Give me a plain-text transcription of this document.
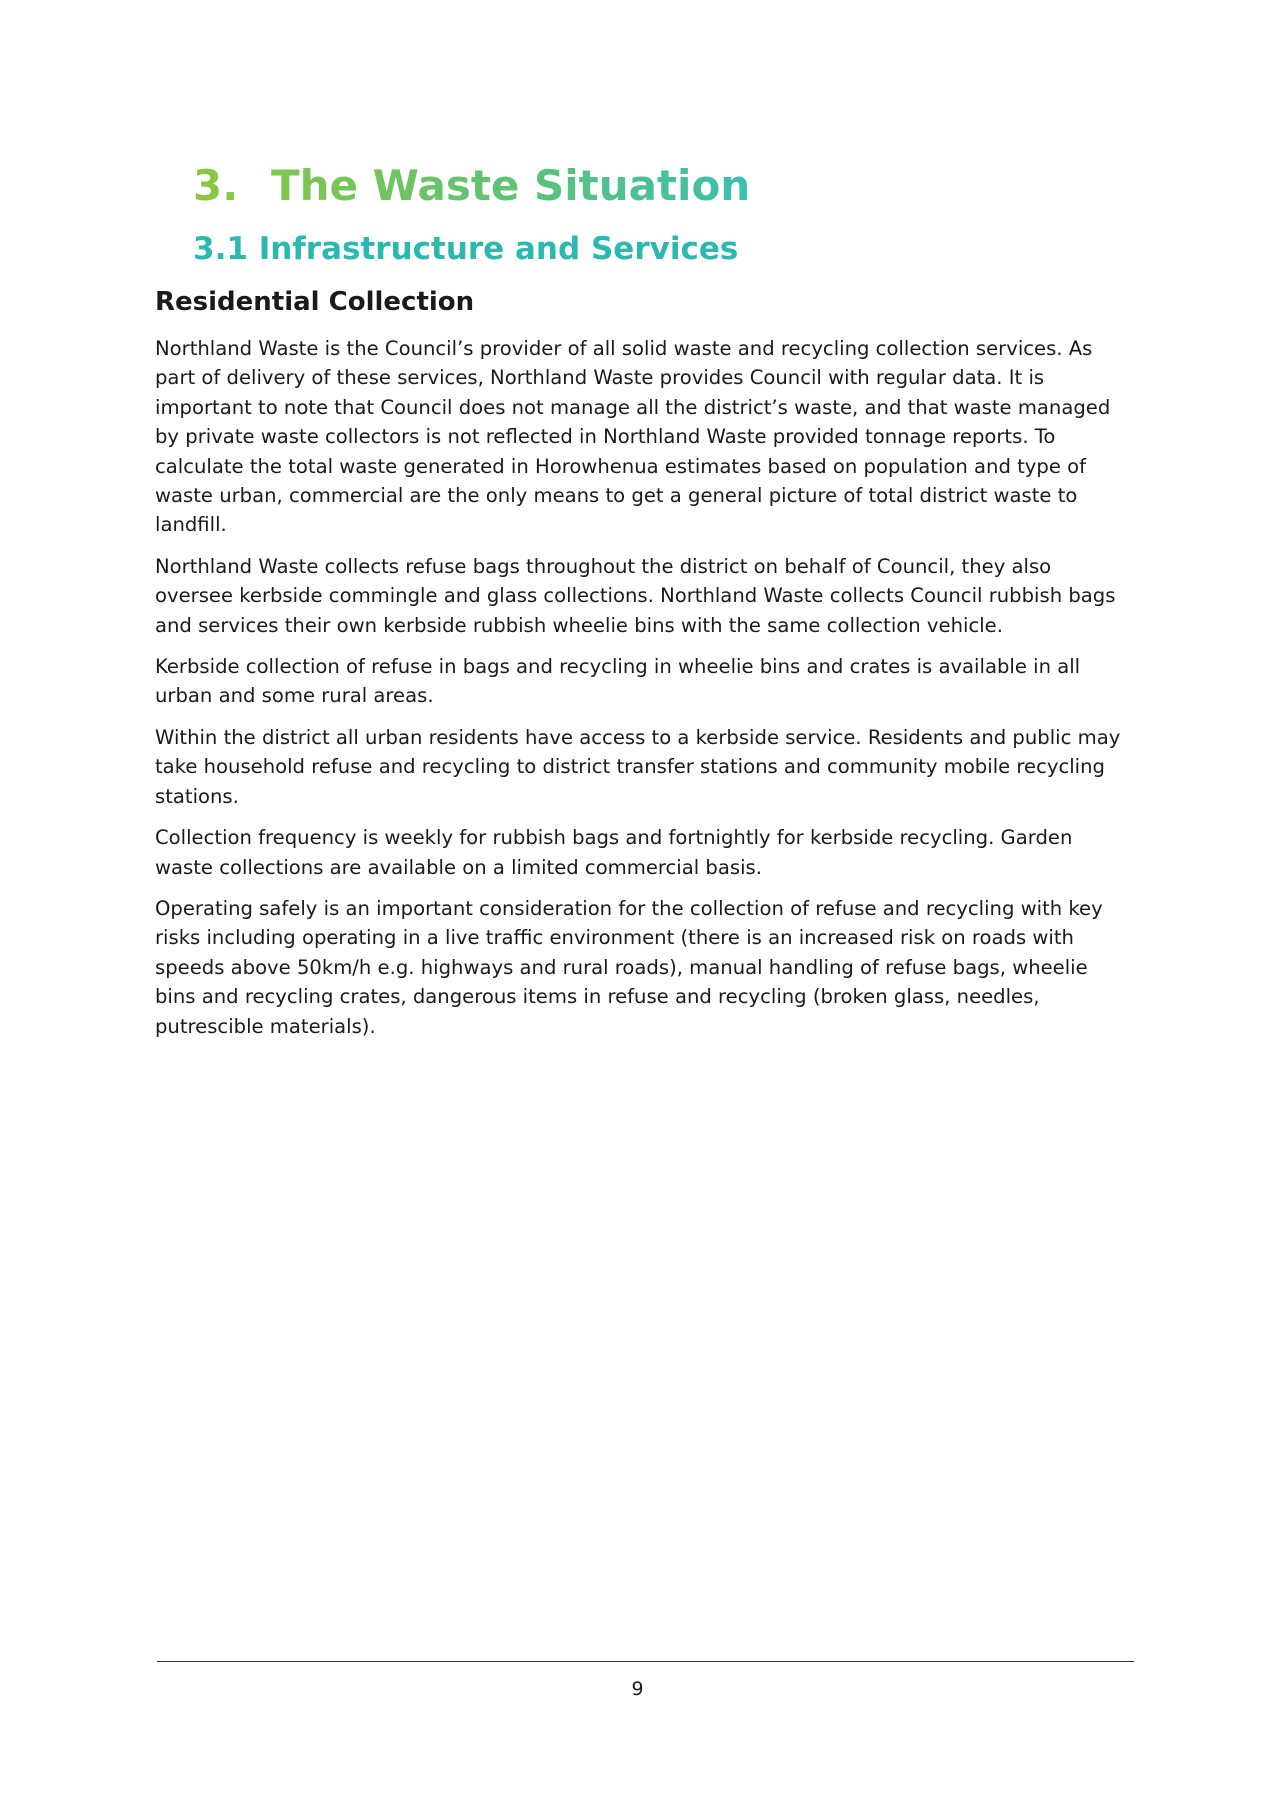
3. The Waste Situation
3.1 Infrastructure and Services
Residential Collection

Northland Waste is the Council’s provider of all solid waste and recycling collection services. As part of delivery of these services, Northland Waste provides Council with regular data. It is important to note that Council does not manage all the district’s waste, and that waste managed by private waste collectors is not reflected in Northland Waste provided tonnage reports. To calculate the total waste generated in Horowhenua estimates based on population and type of waste urban, commercial are the only means to get a general picture of total district waste to landfill.

Northland Waste collects refuse bags throughout the district on behalf of Council, they also oversee kerbside commingle and glass collections. Northland Waste collects Council rubbish bags and services their own kerbside rubbish wheelie bins with the same collection vehicle.

Kerbside collection of refuse in bags and recycling in wheelie bins and crates is available in all urban and some rural areas.

Within the district all urban residents have access to a kerbside service. Residents and public may take household refuse and recycling to district transfer stations and community mobile recycling stations.

Collection frequency is weekly for rubbish bags and fortnightly for kerbside recycling. Garden waste collections are available on a limited commercial basis.

Operating safely is an important consideration for the collection of refuse and recycling with key risks including operating in a live traffic environment (there is an increased risk on roads with speeds above 50km/h e.g. highways and rural roads), manual handling of refuse bags, wheelie bins and recycling crates, dangerous items in refuse and recycling (broken glass, needles, putrescible materials).

9
